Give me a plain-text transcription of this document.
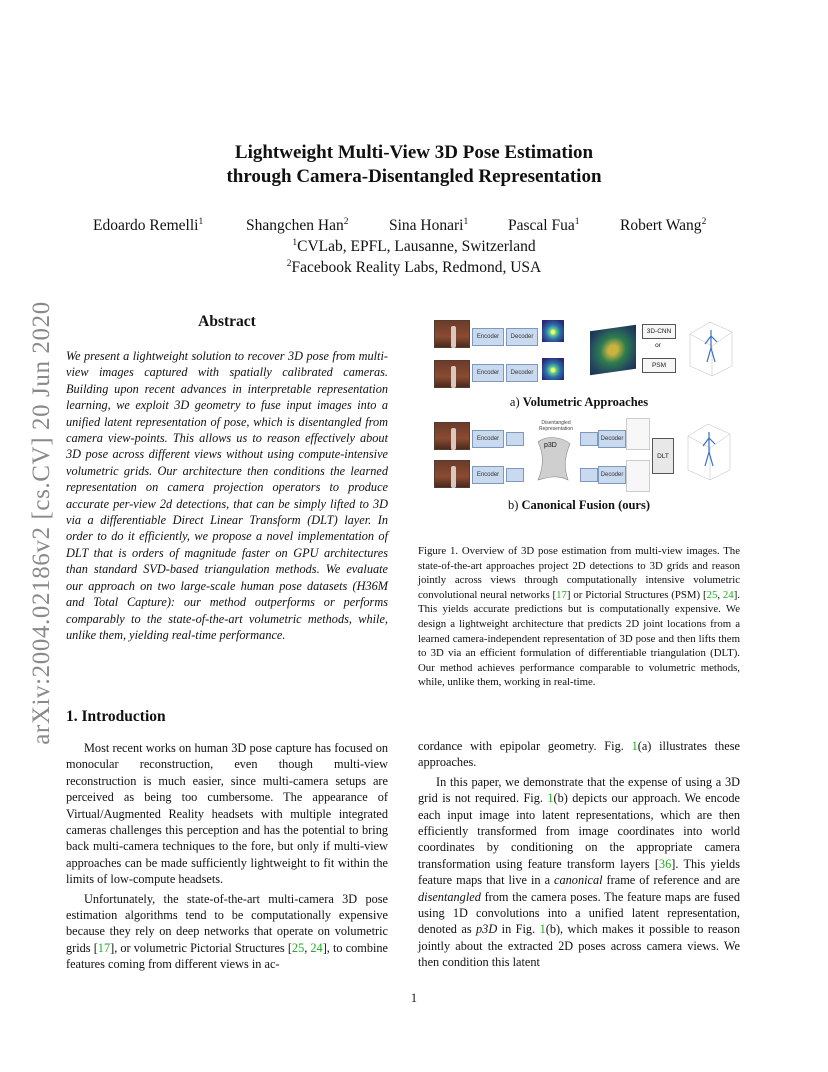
arXiv:2004.02186v2 [cs.CV] 20 Jun 2020
Lightweight Multi-View 3D Pose Estimation
through Camera-Disentangled Representation
Edoardo Remelli$^1$	Shangchen Han$^2$	Sina Honari$^1$	Pascal Fua$^1$	Robert Wang$^2$
$^1$CVLab, EPFL, Lausanne, Switzerland
$^2$Facebook Reality Labs, Redmond, USA
Abstract
We present a lightweight solution to recover 3D pose from multi-view images captured with spatially calibrated cameras. Building upon recent advances in interpretable representation learning, we exploit 3D geometry to fuse input images into a unified latent representation of pose, which is disentangled from camera view-points. This allows us to reason effectively about 3D pose across different views without using compute-intensive volumetric grids. Our architecture then conditions the learned representation on camera projection operators to produce accurate per-view 2d detections, that can be simply lifted to 3D via a differentiable Direct Linear Transform (DLT) layer. In order to do it efficiently, we propose a novel implementation of DLT that is orders of magnitude faster on GPU architectures than standard SVD-based triangulation methods. We evaluate our approach on two large-scale human pose datasets (H36M and Total Capture): our method outperforms or performs comparably to the state-of-the-art volumetric methods, while, unlike them, yielding real-time performance.
Encoder	Decoder
Encoder	Decoder
3D-CNN
or
PSM
a) Volumetric Approaches
Encoder
Encoder
Disentangled Representation
p3D
Decoder
Decoder
DLT
b) Canonical Fusion (ours)
Figure 1. Overview of 3D pose estimation from multi-view images. The state-of-the-art approaches project 2D detections to 3D grids and reason jointly across views through computationally intensive volumetric convolutional neural networks [17] or Pictorial Structures (PSM) [25, 24]. This yields accurate predictions but is computationally expensive. We design a lightweight architecture that predicts 2D joint locations from a learned camera-independent representation of 3D pose and then lifts them to 3D via an efficient formulation of differentiable triangulation (DLT). Our method achieves performance comparable to volumetric methods, while, unlike them, working in real-time.
1. Introduction

Most recent works on human 3D pose capture has focused on monocular reconstruction, even though multi-view reconstruction is much easier, since multi-camera setups are perceived as being too cumbersome. The appearance of Virtual/Augmented Reality headsets with multiple integrated cameras challenges this perception and has the potential to bring back multi-camera techniques to the fore, but only if multi-view approaches can be made sufficiently lightweight to fit within the limits of low-compute headsets.

Unfortunately, the state-of-the-art multi-camera 3D pose estimation algorithms tend to be computationally expensive because they rely on deep networks that operate on volumetric grids [17], or volumetric Pictorial Structures [25, 24], to combine features coming from different views in ac-

cordance with epipolar geometry. Fig. 1(a) illustrates these approaches.

In this paper, we demonstrate that the expense of using a 3D grid is not required. Fig. 1(b) depicts our approach. We encode each input image into latent representations, which are then efficiently transformed from image coordinates into world coordinates by conditioning on the appropriate camera transformation using feature transform layers [36]. This yields feature maps that live in a canonical frame of reference and are disentangled from the camera poses. The feature maps are fused using 1D convolutions into a unified latent representation, denoted as p3D in Fig. 1(b), which makes it possible to reason jointly about the extracted 2D poses across camera views. We then condition this latent

1
